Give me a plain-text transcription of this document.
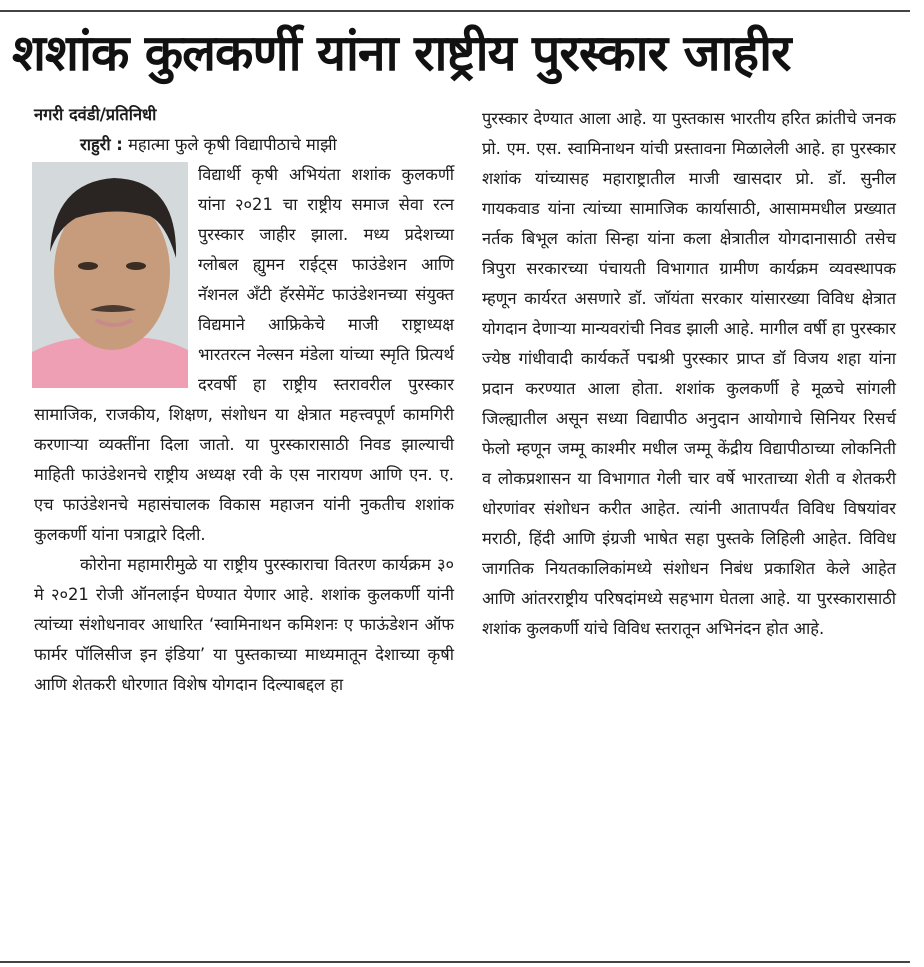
शशांक कुलकर्णी यांना राष्ट्रीय पुरस्कार जाहीर
नगरी दवंडी/प्रतिनिधी

राहुरी : महात्मा फुले कृषी विद्यापीठाचे माझी

विद्यार्थी कृषी अभियंता शशांक कुलकर्णी यांना २०21 चा राष्ट्रीय समाज सेवा रत्न पुरस्कार जाहीर झाला. मध्य प्रदेशच्या ग्लोबल ह्युमन राईट्स फाउंडेशन आणि नॅशनल अँटी हॅरसेमेंट फाउंडेशनच्या संयुक्त विद्यमाने आफ्रिकेचे माजी राष्ट्राध्यक्ष भारतरत्न नेल्सन मंडेला यांच्या स्मृति प्रित्यर्थ दरवर्षी हा राष्ट्रीय स्तरावरील पुरस्कार सामाजिक, राजकीय, शिक्षण, संशोधन या क्षेत्रात महत्त्वपूर्ण कामगिरी करणाऱ्या व्यक्तींना दिला जातो. या पुरस्कारासाठी निवड झाल्याची माहिती फाउंडेशनचे राष्ट्रीय अध्यक्ष रवी के एस नारायण आणि एन. ए. एच फाउंडेशनचे महासंचालक विकास महाजन यांनी नुकतीच शशांक कुलकर्णी यांना पत्राद्वारे दिली.

कोरोना महामारीमुळे या राष्ट्रीय पुरस्काराचा वितरण कार्यक्रम ३० मे २०21 रोजी ऑनलाईन घेण्यात येणार आहे. शशांक कुलकर्णी यांनी त्यांच्या संशोधनावर आधारित ‘स्वामिनाथन कमिशनः ए फाऊंडेशन ऑफ फार्मर पॉलिसीज इन इंडिया’ या पुस्तकाच्या माध्यमातून देशाच्या कृषी आणि शेतकरी धोरणात विशेष योगदान दिल्याबद्दल हा

पुरस्कार देण्यात आला आहे. या पुस्तकास भारतीय हरित क्रांतीचे जनक प्रो. एम. एस. स्वामिनाथन यांची प्रस्तावना मिळालेली आहे. हा पुरस्कार शशांक यांच्यासह महाराष्ट्रातील माजी खासदार प्रो. डॉ. सुनील गायकवाड यांना त्यांच्या सामाजिक कार्यासाठी, आसाममधील प्रख्यात नर्तक बिभूल कांता सिन्हा यांना कला क्षेत्रातील योगदानासाठी तसेच त्रिपुरा सरकारच्या पंचायती विभागात ग्रामीण कार्यक्रम व्यवस्थापक म्हणून कार्यरत असणारे डॉ. जॉयंता सरकार यांसारख्या विविध क्षेत्रात योगदान देणाऱ्या मान्यवरांची निवड झाली आहे. मागील वर्षी हा पुरस्कार ज्येष्ठ गांधीवादी कार्यकर्ते पद्मश्री पुरस्कार प्राप्त डॉ विजय शहा यांना प्रदान करण्यात आला होता. शशांक कुलकर्णी हे मूळचे सांगली जिल्ह्यातील असून सध्या विद्यापीठ अनुदान आयोगाचे सिनियर रिसर्च फेलो म्हणून जम्मू काश्मीर मधील जम्मू केंद्रीय विद्यापीठाच्या लोकनिती व लोकप्रशासन या विभागात गेली चार वर्षे भारताच्या शेती व शेतकरी धोरणांवर संशोधन करीत आहेत. त्यांनी आतापर्यंत विविध विषयांवर मराठी, हिंदी आणि इंग्रजी भाषेत सहा पुस्तके लिहिली आहेत. विविध जागतिक नियतकालिकांमध्ये संशोधन निबंध प्रकाशित केले आहेत आणि आंतरराष्ट्रीय परिषदांमध्ये सहभाग घेतला आहे. या पुरस्कारासाठी शशांक कुलकर्णी यांचे विविध स्तरातून अभिनंदन होत आहे.
